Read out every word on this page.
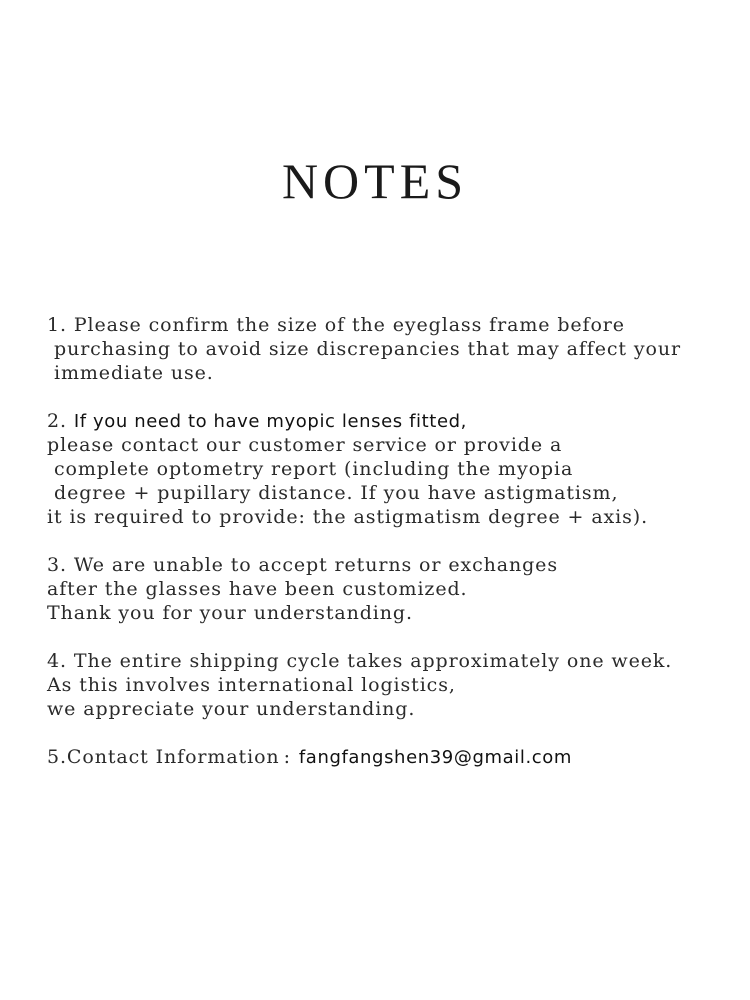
NOTES
1. Please confirm the size of the eyeglass frame before
purchasing to avoid size discrepancies that may affect your
immediate use.
2. If you need to have myopic lenses fitted,
please contact our customer service or provide a
complete optometry report (including the myopia
degree + pupillary distance. If you have astigmatism,
it is required to provide: the astigmatism degree + axis).
3. We are unable to accept returns or exchanges
after the glasses have been customized.
Thank you for your understanding.
4. The entire shipping cycle takes approximately one week.
As this involves international logistics,
we appreciate your understanding.
5.Contact Information : fangfangshen39@gmail.com
